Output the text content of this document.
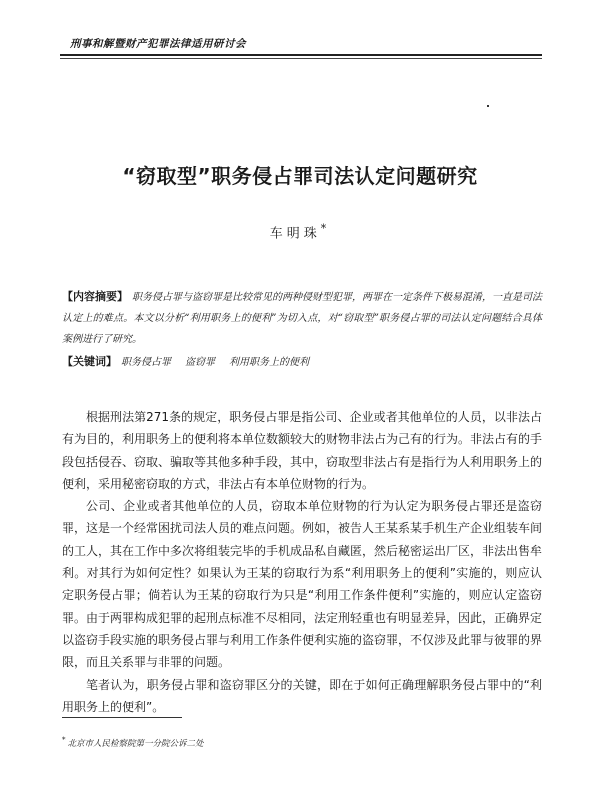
刑事和解暨财产犯罪法律适用研讨会
“窃取型”职务侵占罪司法认定问题研究
车明珠*
【内容摘要】 职务侵占罪与盗窃罪是比较常见的两种侵财型犯罪，两罪在一定条件下极易混淆，一直是司法认定上的难点。本文以分析“利用职务上的便利”为切入点，对“窃取型”职务侵占罪的司法认定问题结合具体案例进行了研究。
【关键词】 职务侵占罪 盗窃罪 利用职务上的便利

根据刑法第271条的规定，职务侵占罪是指公司、企业或者其他单位的人员，以非法占有为目的，利用职务上的便利将本单位数额较大的财物非法占为己有的行为。非法占有的手段包括侵吞、窃取、骗取等其他多种手段，其中，窃取型非法占有是指行为人利用职务上的便利，采用秘密窃取的方式，非法占有本单位财物的行为。

公司、企业或者其他单位的人员，窃取本单位财物的行为认定为职务侵占罪还是盗窃罪，这是一个经常困扰司法人员的难点问题。例如，被告人王某系某手机生产企业组装车间的工人，其在工作中多次将组装完毕的手机成品私自藏匿，然后秘密运出厂区，非法出售牟利。对其行为如何定性？如果认为王某的窃取行为系“利用职务上的便利”实施的，则应认定职务侵占罪；倘若认为王某的窃取行为只是“利用工作条件便利”实施的，则应认定盗窃罪。由于两罪构成犯罪的起刑点标准不尽相同，法定刑轻重也有明显差异，因此，正确界定以盗窃手段实施的职务侵占罪与利用工作条件便利实施的盗窃罪，不仅涉及此罪与彼罪的界限，而且关系罪与非罪的问题。

笔者认为，职务侵占罪和盗窃罪区分的关键，即在于如何正确理解职务侵占罪中的“利用职务上的便利”。

* 北京市人民检察院第一分院公诉二处
